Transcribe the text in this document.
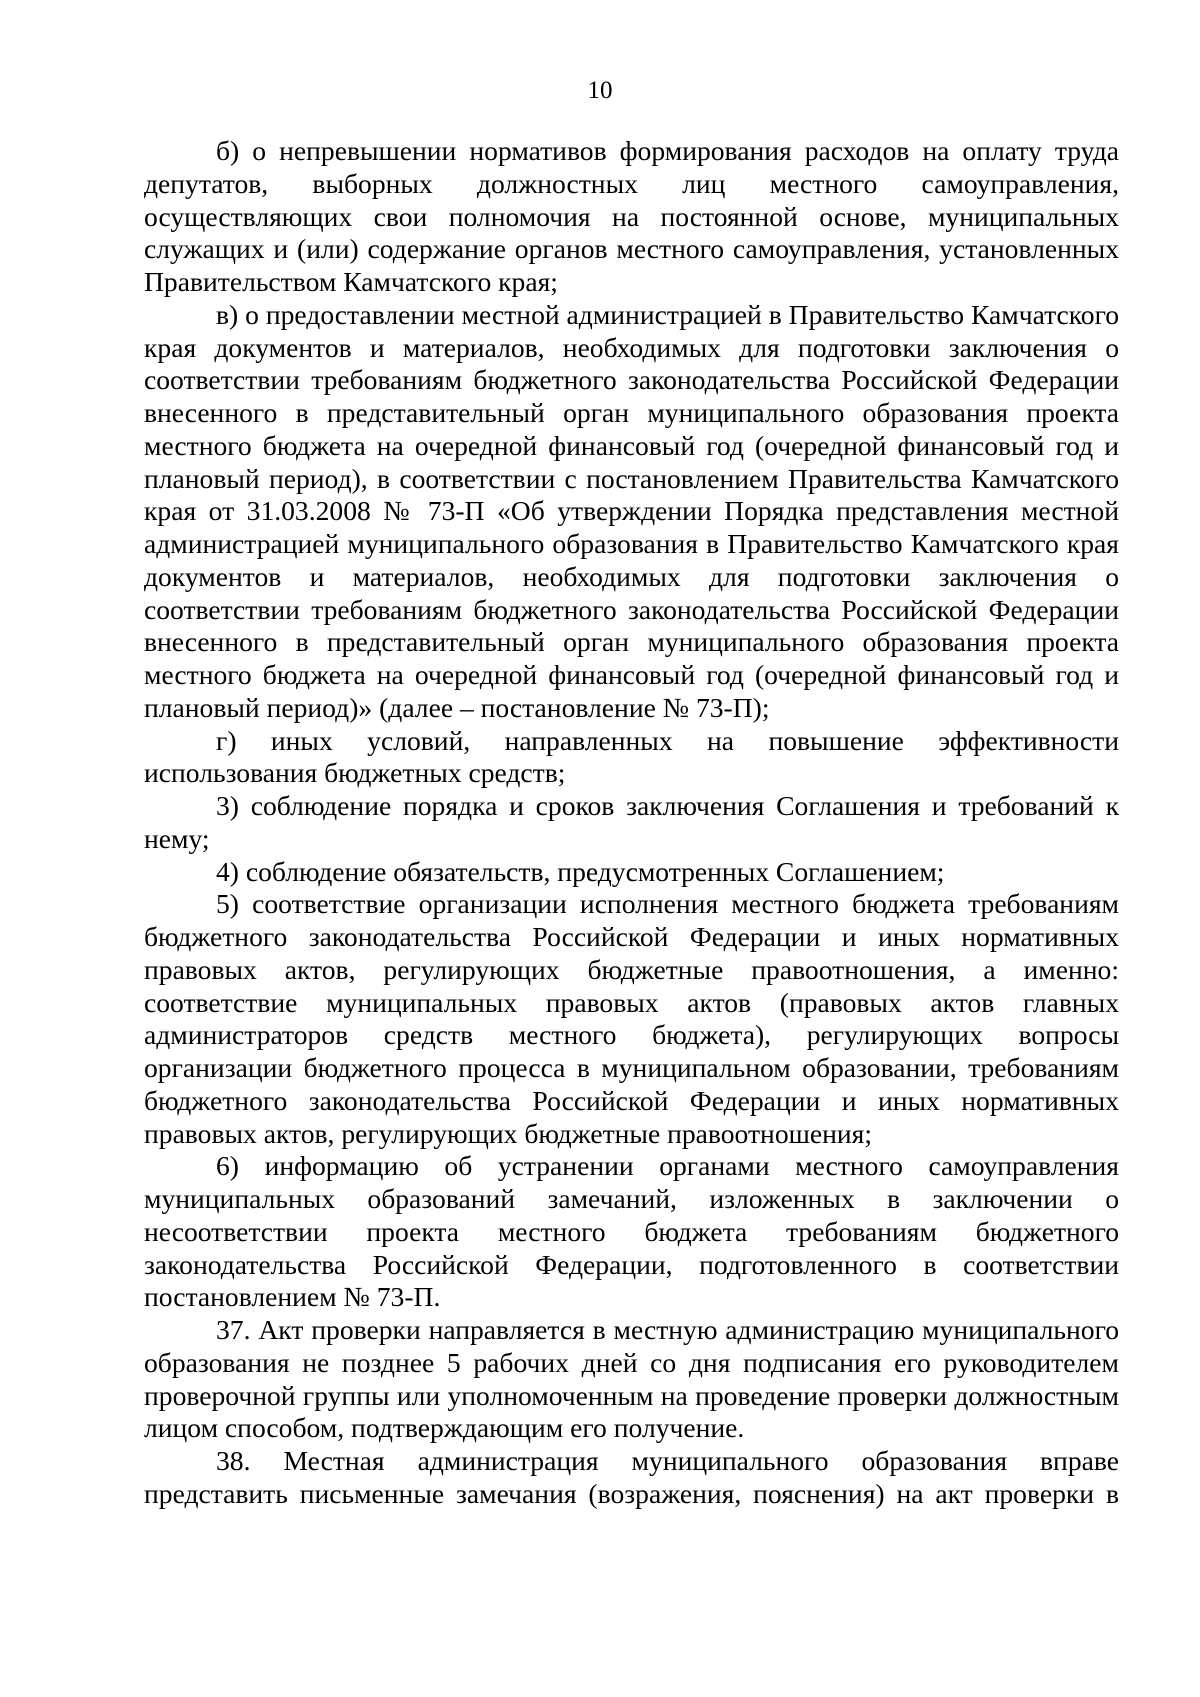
10

б) о непревышении нормативов формирования расходов на оплату труда депутатов, выборных должностных лиц местного самоуправления, осуществляющих свои полномочия на постоянной основе, муниципальных служащих и (или) содержание органов местного самоуправления, установленных Правительством Камчатского края;

в) о предоставлении местной администрацией в Правительство Камчатского края документов и материалов, необходимых для подготовки заключения о соответствии требованиям бюджетного законодательства Российской Федерации внесенного в представительный орган муниципального образования проекта местного бюджета на очередной финансовый год (очередной финансовый год и плановый период), в соответствии с постановлением Правительства Камчатского края от 31.03.2008 № 73-П «Об утверждении Порядка представления местной администрацией муниципального образования в Правительство Камчатского края документов и материалов, необходимых для подготовки заключения о соответствии требованиям бюджетного законодательства Российской Федерации внесенного в представительный орган муниципального образования проекта местного бюджета на очередной финансовый год (очередной финансовый год и плановый период)» (далее – постановление № 73-П);

г) иных условий, направленных на повышение эффективности использования бюджетных средств;

3) соблюдение порядка и сроков заключения Соглашения и требований к нему;

4) соблюдение обязательств, предусмотренных Соглашением;

5) соответствие организации исполнения местного бюджета требованиям бюджетного законодательства Российской Федерации и иных нормативных правовых актов, регулирующих бюджетные правоотношения, а именно: соответствие муниципальных правовых актов (правовых актов главных администраторов средств местного бюджета), регулирующих вопросы организации бюджетного процесса в муниципальном образовании, требованиям бюджетного законодательства Российской Федерации и иных нормативных правовых актов, регулирующих бюджетные правоотношения;

6) информацию об устранении органами местного самоуправления муниципальных образований замечаний, изложенных в заключении о несоответствии проекта местного бюджета требованиям бюджетного законодательства Российской Федерации, подготовленного в соответствии постановлением № 73-П.

37. Акт проверки направляется в местную администрацию муниципального образования не позднее 5 рабочих дней со дня подписания его руководителем проверочной группы или уполномоченным на проведение проверки должностным лицом способом, подтверждающим его получение.

38. Местная администрация муниципального образования вправе представить письменные замечания (возражения, пояснения) на акт проверки в
